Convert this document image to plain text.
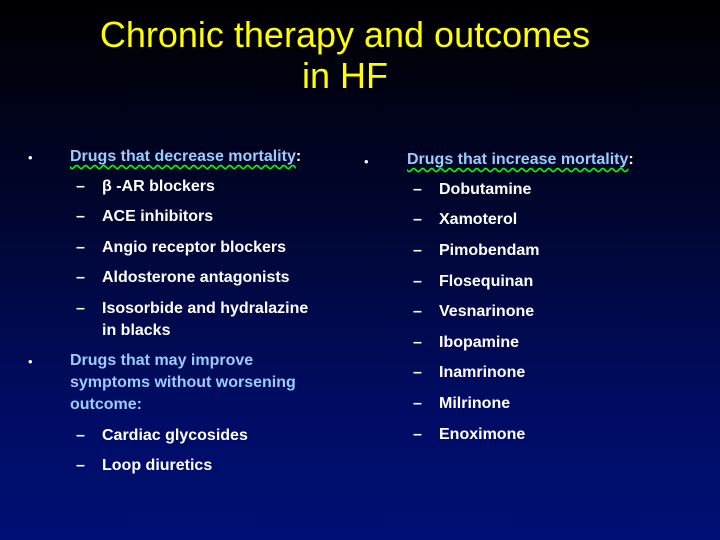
Chronic therapy and outcomes
in HF
• Drugs that decrease mortality:
– β -AR blockers
– ACE inhibitors
– Angio receptor blockers
– Aldosterone antagonists
– Isosorbide and hydralazine
in blacks
• Drugs that may improve
symptoms without worsening
outcome:
– Cardiac glycosides
– Loop diuretics
• Drugs that increase mortality:
– Dobutamine
– Xamoterol
– Pimobendam
– Flosequinan
– Vesnarinone
– Ibopamine
– Inamrinone
– Milrinone
– Enoximone
